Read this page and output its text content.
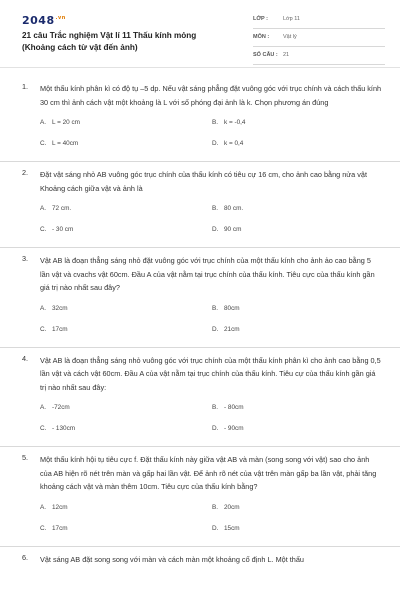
$2048^{.vn}$
21 câu Trắc nghiệm Vật lí 11 Thấu kính mỏng (Khoảng cách từ vật đến ảnh)
LỚP :	Lớp 11
MÔN :	Vật lý
SỐ CÂU : 21
1. Một thấu kính phân kì có độ tụ –5 dp. Nếu vật sáng phẳng đặt vuông góc với trục chính và cách thấu kính 30 cm thì ảnh cách vật một khoảng là L với số phóng đại ảnh là k. Chọn phương án đúng
A. L = 20 cm	B. k = -0,4
C. L = 40cm	D. k = 0,4
2. Đặt vật sáng nhỏ AB vuông góc trục chính của thấu kính có tiêu cự 16 cm, cho ảnh cao bằng nửa vật Khoảng cách giữa vật và ảnh là
A. 72 cm.	B. 80 cm.
C. - 30 cm	D. 90 cm
3. Vật AB là đoạn thẳng sáng nhỏ đặt vuông góc với trục chính của một thấu kính cho ảnh ảo cao bằng 5 lần vật và cvachs vật 60cm. Đầu A của vật nằm tại trục chính của thấu kính. Tiêu cực của thấu kính gần giá trị nào nhất sau đây?
A. 32cm	B. 80cm
C. 17cm	D. 21cm
4. Vật AB là đoạn thẳng sáng nhỏ vuông góc với trục chính của một thấu kính phân kì cho ảnh cao bằng 0,5 lần vật và cách vật 60cm. Đầu A của vật nằm tại trục chính của thấu kính. Tiêu cự của thấu kính gần giá trị nào nhất sau đây:
A. -72cm	B. - 80cm
C. - 130cm	D. - 90cm
5. Một thấu kính hội tụ tiêu cực f. Đặt thấu kính này giữa vật AB và màn (song song với vật) sao cho ảnh của AB hiện rõ nét trên màn và gấp hai lần vật. Để ảnh rõ nét của vật trên màn gấp ba lần vật, phải tăng khoảng cách vật và màn thêm 10cm. Tiêu cực của thấu kính bằng?
A. 12cm	B. 20cm
C. 17cm	D. 15cm
6. Vật sáng AB đặt song song với màn và cách màn một khoảng cố định L. Một thấu
